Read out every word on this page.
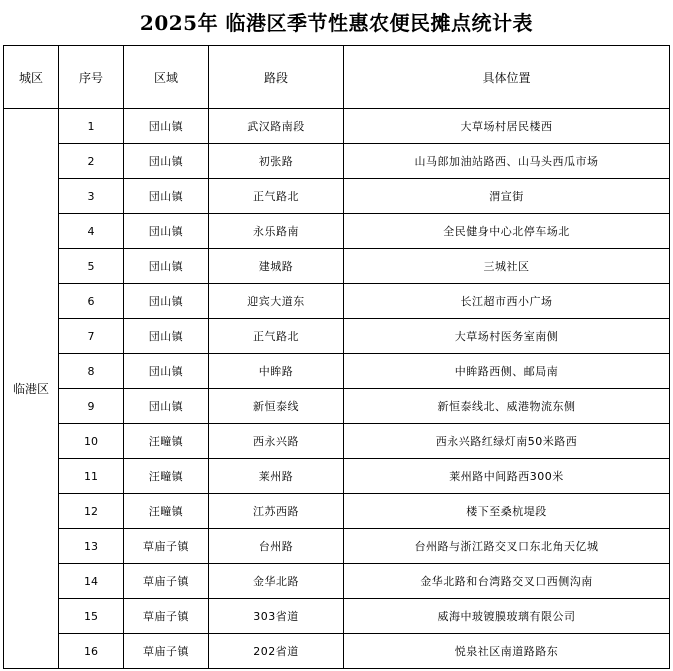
2025年 临港区季节性惠农便民摊点统计表
城区	序号	区域	路段	具体位置
临港区	1	団山镇	武汉路南段	大草场村居民楼西
	2	団山镇	初张路	山马郎加油站路西、山马头西瓜市场
	3	団山镇	正气路北	渭宣街
	4	団山镇	永乐路南	全民健身中心北停车场北
	5	団山镇	建城路	三城社区
	6	団山镇	迎宾大道东	长江超市西小广场
	7	団山镇	正气路北	大草场村医务室南侧
	8	団山镇	中眸路	中眸路西侧、邮局南
	9	団山镇	新恒泰线	新恒泰线北、威港物流东侧
	10	汪疃镇	西永兴路	西永兴路红绿灯南50米路西
	11	汪疃镇	莱州路	莱州路中间路西300米
	12	汪疃镇	江苏西路	楼下至桑杭堤段
	13	草庙子镇	台州路	台州路与浙江路交叉口东北角天亿城
	14	草庙子镇	金华北路	金华北路和台湾路交叉口西侧沟南
	15	草庙子镇	303省道	威海中玻镀膜玻璃有限公司
	16	草庙子镇	202省道	悦泉社区南道路路东
